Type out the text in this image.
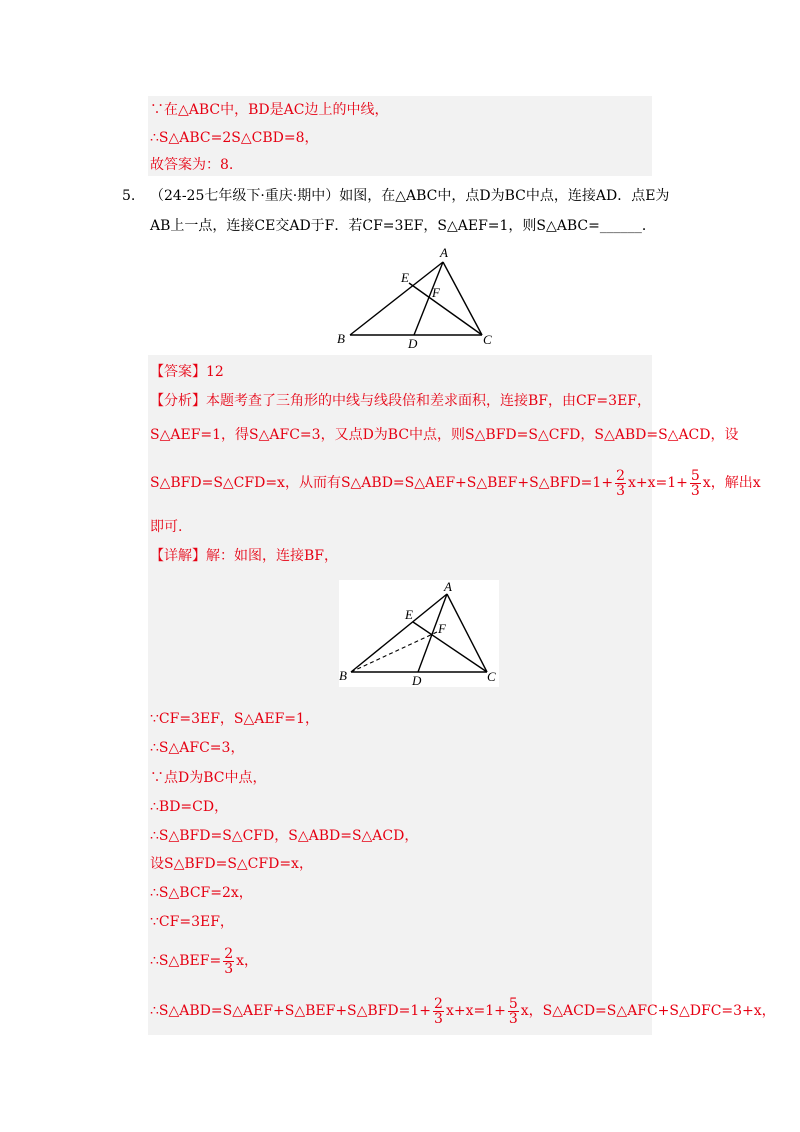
∵在△ABC中，BD是AC边上的中线，
∴S△ABC=2S△CBD=8，
故答案为：8.
5. （24-25七年级下·重庆·期中）如图，在△ABC中，点D为BC中点，连接AD．点E为
AB上一点，连接CE交AD于F．若CF=3EF，S△AEF=1，则S△ABC=______．
A
B	C
D
E
F
【答案】12
【分析】本题考查了三角形的中线与线段倍和差求面积，连接BF，由CF=3EF，
S△AEF=1，得S△AFC=3，又点D为BC中点，则S△BFD=S△CFD，S△ABD=S△ACD，设
S△BFD=S△CFD=x，从而有S△ABD=S△AEF+S△BEF+S△BFD=1+ $\frac{2}{3} x+x=1+ \frac{5}{3}$ x，解出x
即可.
【详解】解：如图，连接BF，
A
B	C
D
E
F
∵CF=3EF，S△AEF=1，
∴S△AFC=3，
∵点D为BC中点，
∴BD=CD，
∴S△BFD=S△CFD，S△ABD=S△ACD，
设S△BFD=S△CFD=x，
∴S△BCF=2x，
∵CF=3EF，
∴S△BEF= $\frac{2}{3}$ x，
∴S△ABD=S△AEF+S△BEF+S△BFD=1+ $\frac{2}{3} x+x=1+ \frac{5}{3}$ x，S△ACD=S△AFC+S△DFC=3+x，
